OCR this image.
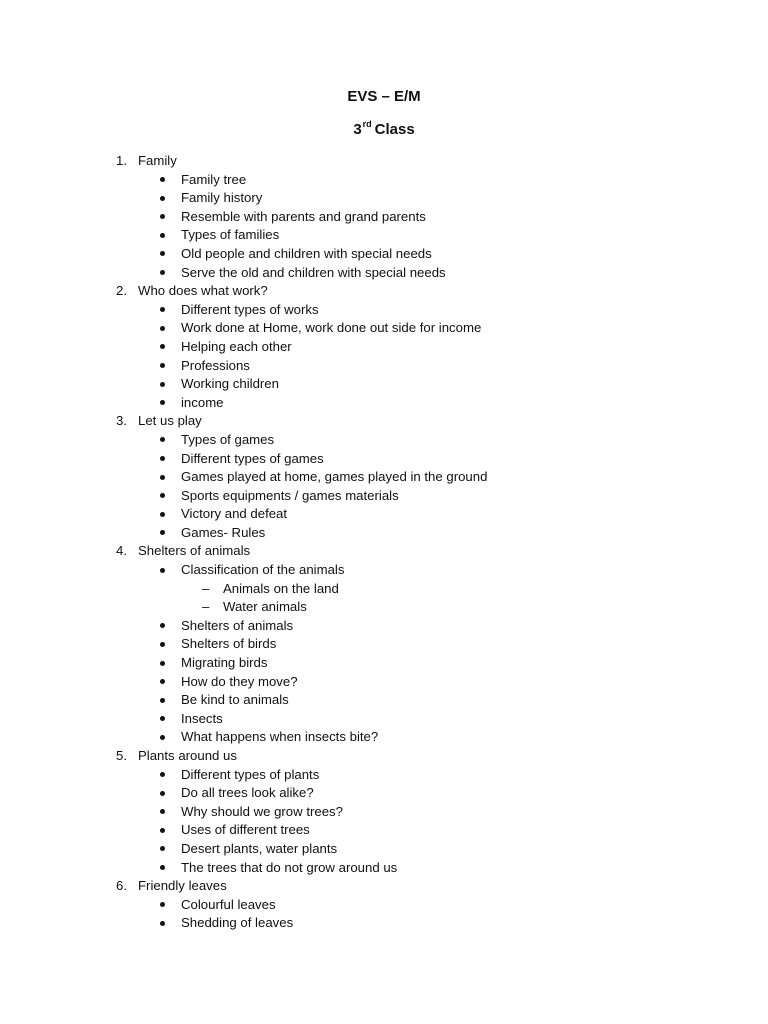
EVS – E/M
3rd Class
1. Family
Family tree
Family history
Resemble with parents and grand parents
Types of families
Old people and children with special needs
Serve the old and children with special needs
2. Who does what work?
Different types of works
Work done at Home, work done out side for income
Helping each other
Professions
Working children
income
3. Let us play
Types of games
Different types of games
Games played at home, games played in the ground
Sports equipments / games materials
Victory and defeat
Games- Rules
4. Shelters of animals
Classification of the animals
– Animals on the land
– Water animals
Shelters of animals
Shelters of birds
Migrating birds
How do they move?
Be kind to animals
Insects
What happens when insects bite?
5. Plants around us
Different types of plants
Do all trees look alike?
Why should we grow trees?
Uses of different trees
Desert plants, water plants
The trees that do not grow around us
6. Friendly leaves
Colourful leaves
Shedding of leaves
